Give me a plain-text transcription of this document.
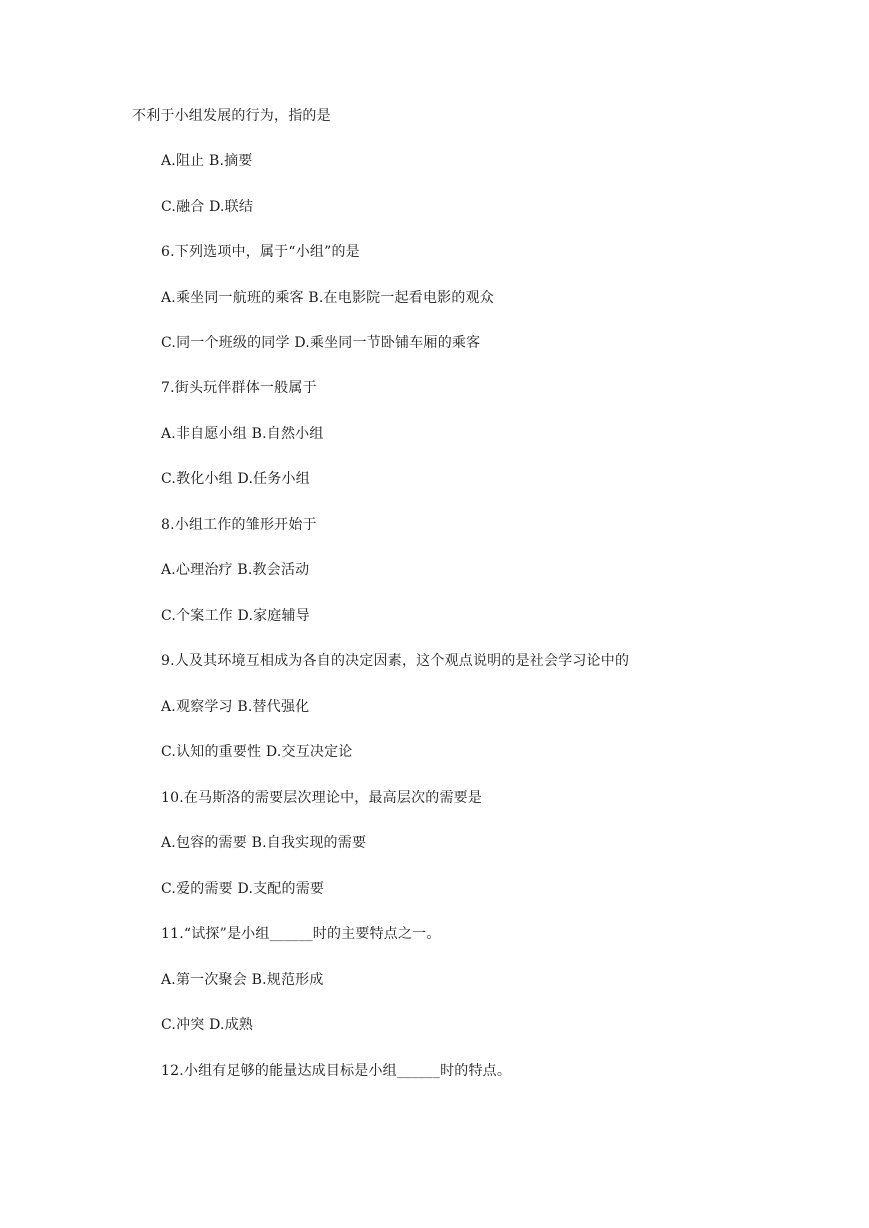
不利于小组发展的行为，指的是
A.阻止 B.摘要
C.融合 D.联结
6.下列选项中，属于“小组”的是
A.乘坐同一航班的乘客 B.在电影院一起看电影的观众
C.同一个班级的同学 D.乘坐同一节卧铺车厢的乘客
7.街头玩伴群体一般属于
A.非自愿小组 B.自然小组
C.教化小组 D.任务小组
8.小组工作的雏形开始于
A.心理治疗 B.教会活动
C.个案工作 D.家庭辅导
9.人及其环境互相成为各自的决定因素，这个观点说明的是社会学习论中的
A.观察学习 B.替代强化
C.认知的重要性 D.交互决定论
10.在马斯洛的需要层次理论中，最高层次的需要是
A.包容的需要 B.自我实现的需要
C.爱的需要 D.支配的需要
11.“试探”是小组______时的主要特点之一。
A.第一次聚会 B.规范形成
C.冲突 D.成熟
12.小组有足够的能量达成目标是小组______时的特点。
